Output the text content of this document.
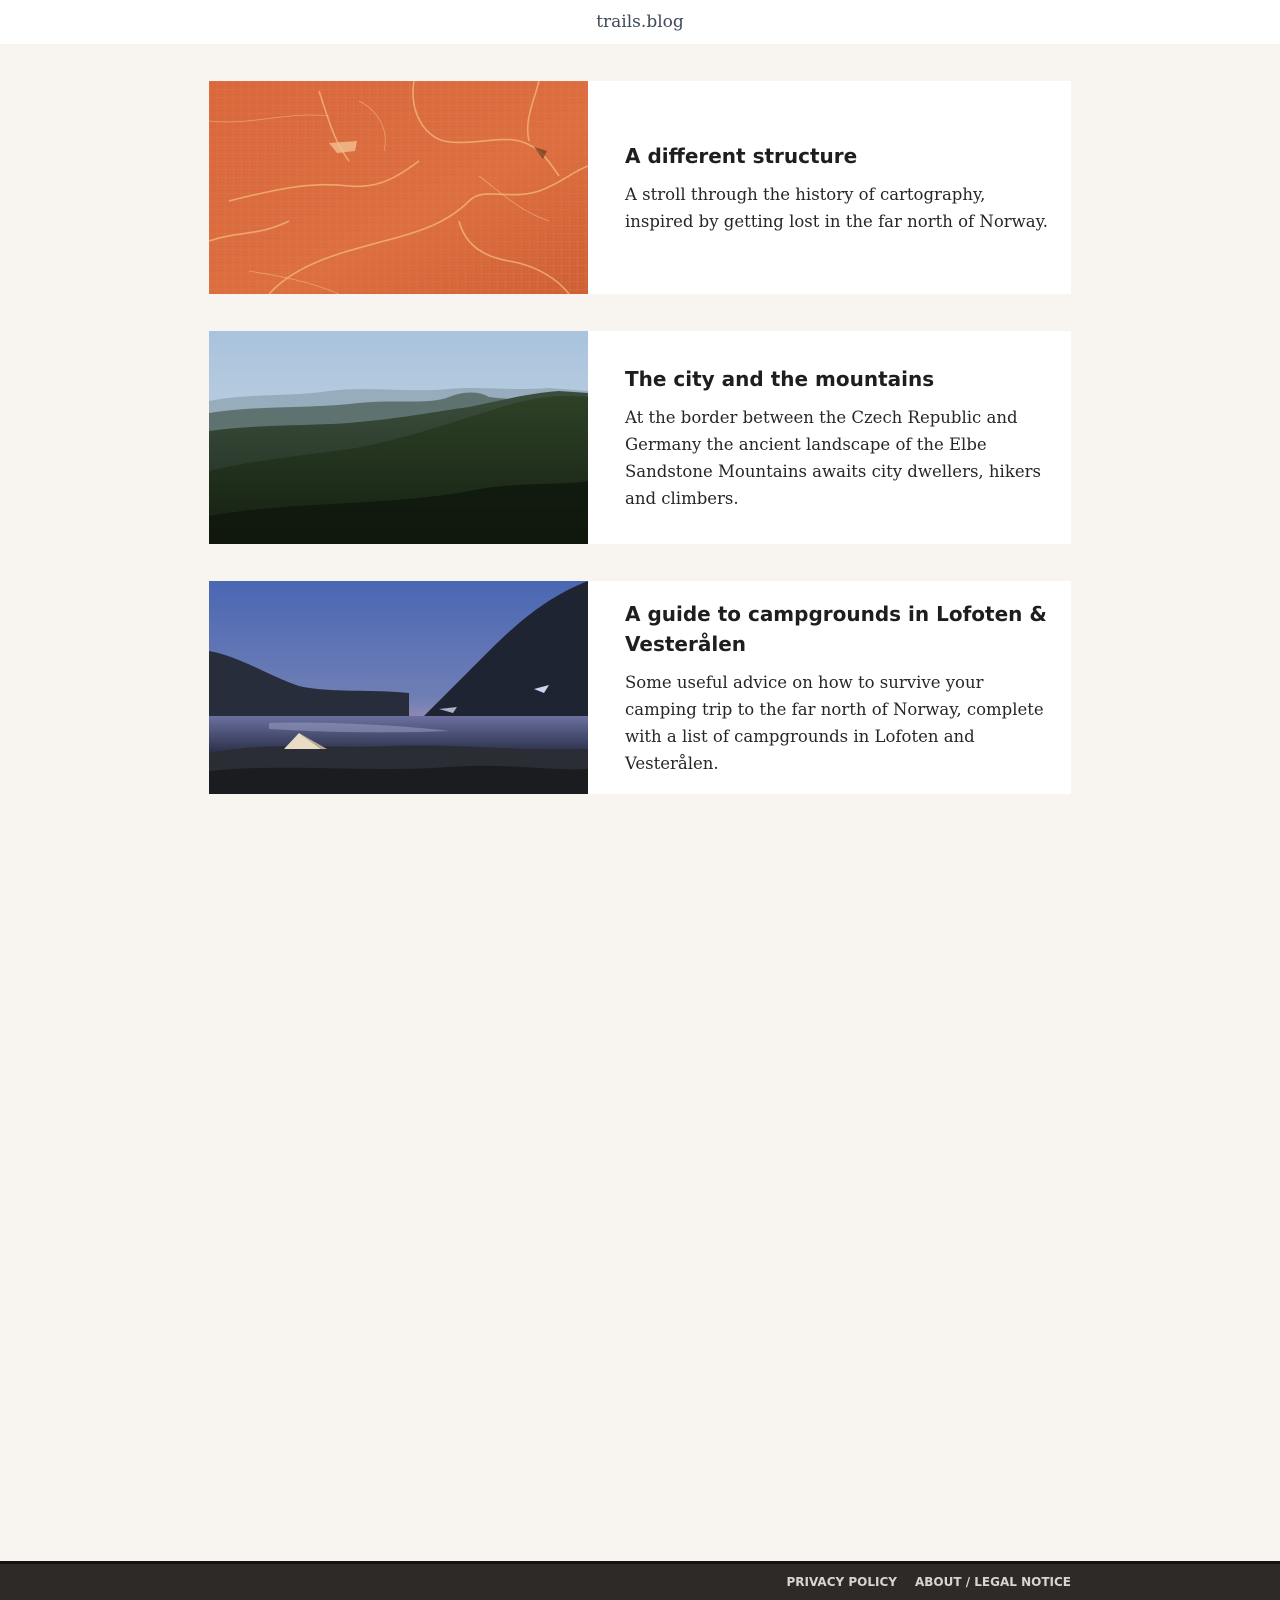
trails.blog
A different structure

A stroll through the history of cartography, inspired by getting lost in the far north of Norway.

The city and the mountains

At the border between the Czech Republic and Germany the ancient landscape of the Elbe Sandstone Mountains awaits city dwellers, hikers and climbers.

A guide to campgrounds in Lofoten & Vesterålen

Some useful advice on how to survive your camping trip to the far north of Norway, complete with a list of campgrounds in Lofoten and Vesterålen.

PRIVACY POLICY ABOUT / LEGAL NOTICE
